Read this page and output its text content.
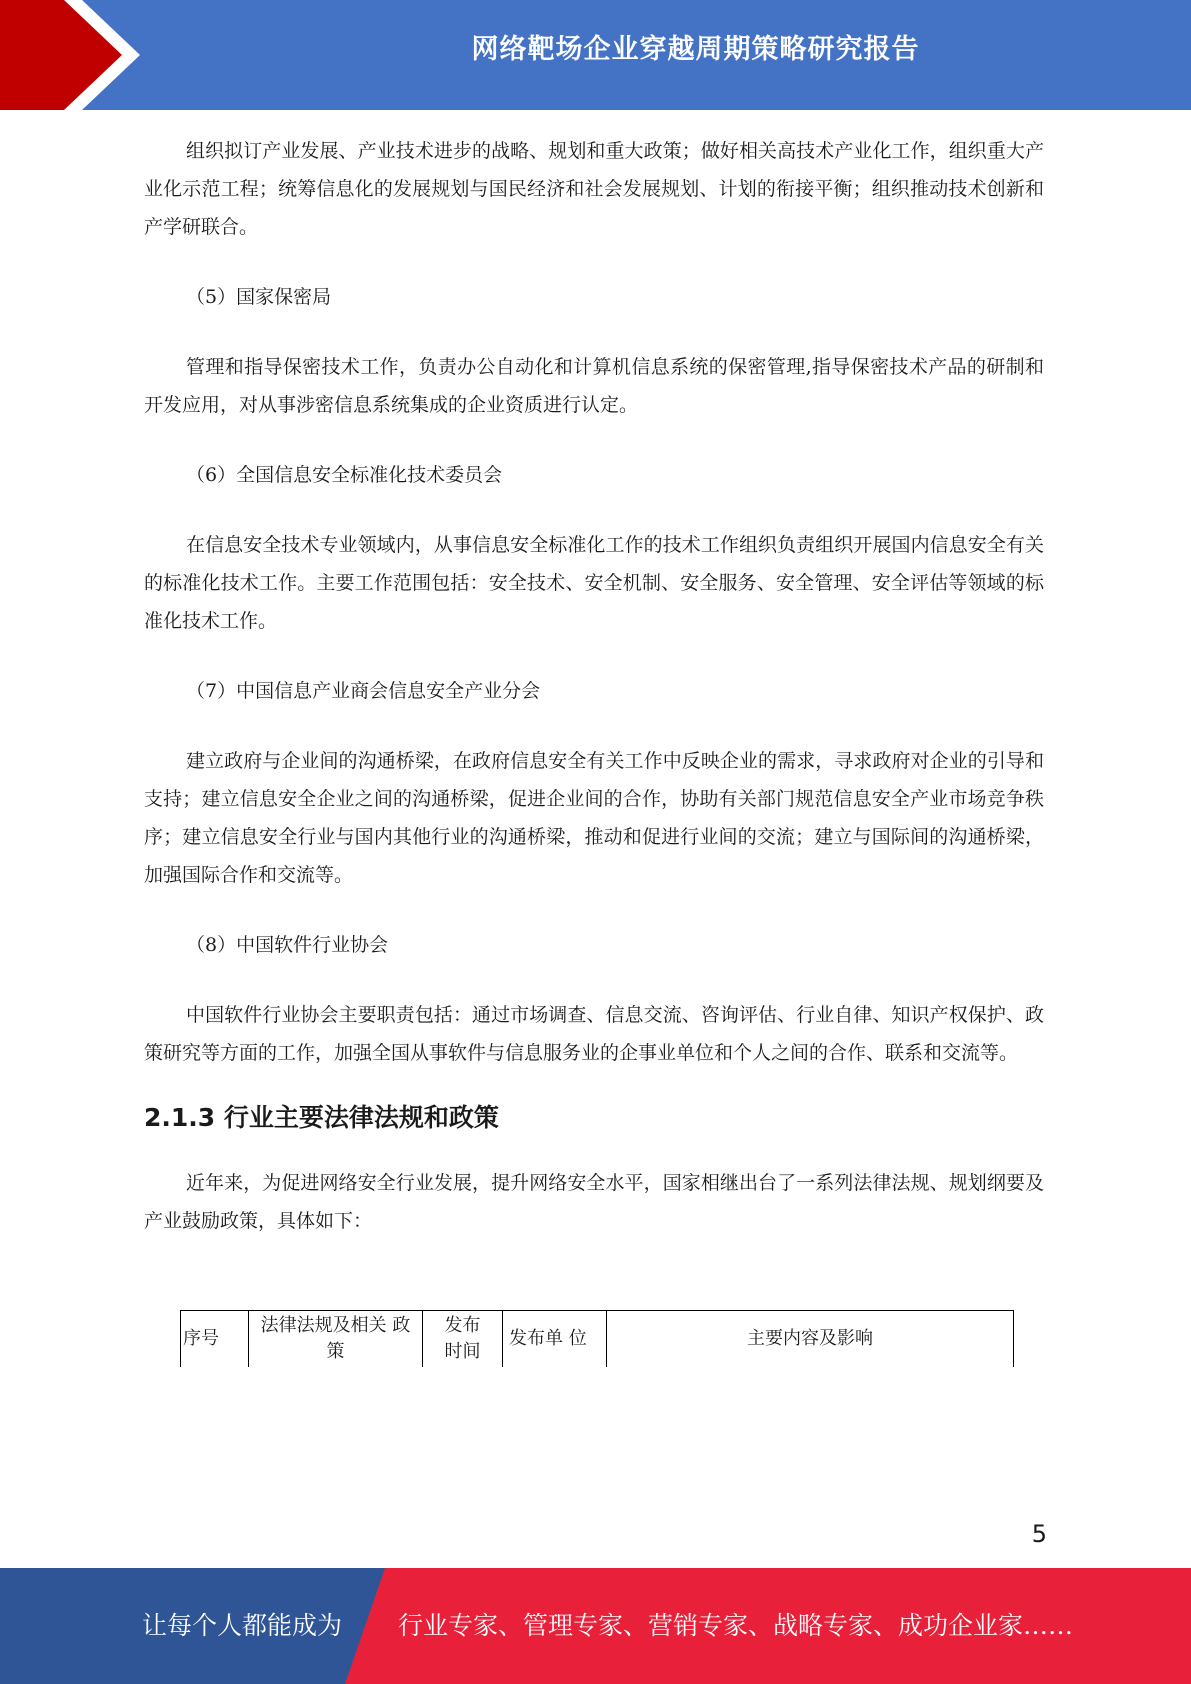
网络靶场企业穿越周期策略研究报告

组织拟订产业发展、产业技术进步的战略、规划和重大政策；做好相关高技术产业化工作，组织重大产业化示范工程；统筹信息化的发展规划与国民经济和社会发展规划、计划的衔接平衡；组织推动技术创新和产学研联合。

（5）国家保密局

管理和指导保密技术工作，负责办公自动化和计算机信息系统的保密管理,指导保密技术产品的研制和开发应用，对从事涉密信息系统集成的企业资质进行认定。

（6）全国信息安全标准化技术委员会

在信息安全技术专业领域内，从事信息安全标准化工作的技术工作组织负责组织开展国内信息安全有关的标准化技术工作。主要工作范围包括：安全技术、安全机制、安全服务、安全管理、安全评估等领域的标准化技术工作。

（7）中国信息产业商会信息安全产业分会

建立政府与企业间的沟通桥梁，在政府信息安全有关工作中反映企业的需求，寻求政府对企业的引导和支持；建立信息安全企业之间的沟通桥梁，促进企业间的合作，协助有关部门规范信息安全产业市场竞争秩序；建立信息安全行业与国内其他行业的沟通桥梁，推动和促进行业间的交流；建立与国际间的沟通桥梁，加强国际合作和交流等。

（8）中国软件行业协会

中国软件行业协会主要职责包括：通过市场调查、信息交流、咨询评估、行业自律、知识产权保护、政策研究等方面的工作，加强全国从事软件与信息服务业的企事业单位和个人之间的合作、联系和交流等。

2.1.3 行业主要法律法规和政策

近年来，为促进网络安全行业发展，提升网络安全水平，国家相继出台了一系列法律法规、规划纲要及产业鼓励政策，具体如下：

序号
法律法规及相关 政
策
发布
时间
发布单 位	主要内容及影响
5
让每个人都能成为 行业专家、管理专家、营销专家、战略专家、成功企业家……
